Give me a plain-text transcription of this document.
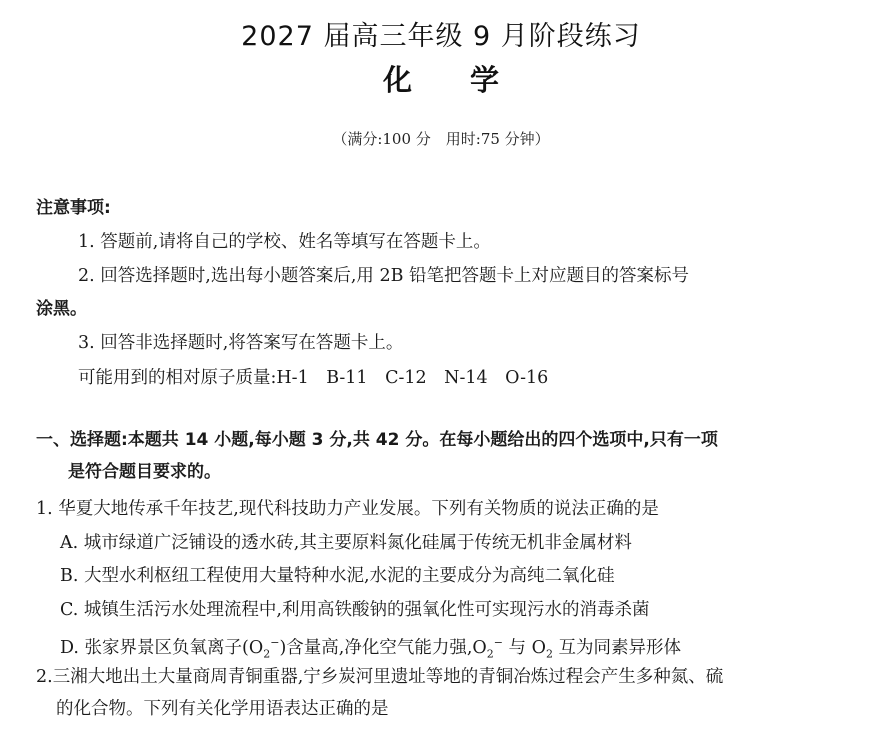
2027 届高三年级 9 月阶段练习
化 学
（满分:100 分　用时:75 分钟）
注意事项:
1. 答题前,请将自己的学校、姓名等填写在答题卡上。
2. 回答选择题时,选出每小题答案后,用 2B 铅笔把答题卡上对应题目的答案标号
涂黑。
3. 回答非选择题时,将答案写在答题卡上。
可能用到的相对原子质量:H-1　B-11　C-12　N-14　O-16
一、选择题:本题共 14 小题,每小题 3 分,共 42 分。在每小题给出的四个选项中,只有一项
是符合题目要求的。
1. 华夏大地传承千年技艺,现代科技助力产业发展。下列有关物质的说法正确的是
A. 城市绿道广泛铺设的透水砖,其主要原料氮化硅属于传统无机非金属材料
B. 大型水利枢纽工程使用大量特种水泥,水泥的主要成分为高纯二氧化硅
C. 城镇生活污水处理流程中,利用高铁酸钠的强氧化性可实现污水的消毒杀菌
D. 张家界景区负氧离子$(O_2^-)$含量高,净化空气能力强$,O_2^-$ 与 $O_2$ 互为同素异形体
2.三湘大地出土大量商周青铜重器,宁乡炭河里遗址等地的青铜冶炼过程会产生多种氮、硫
的化合物。下列有关化学用语表达正确的是
